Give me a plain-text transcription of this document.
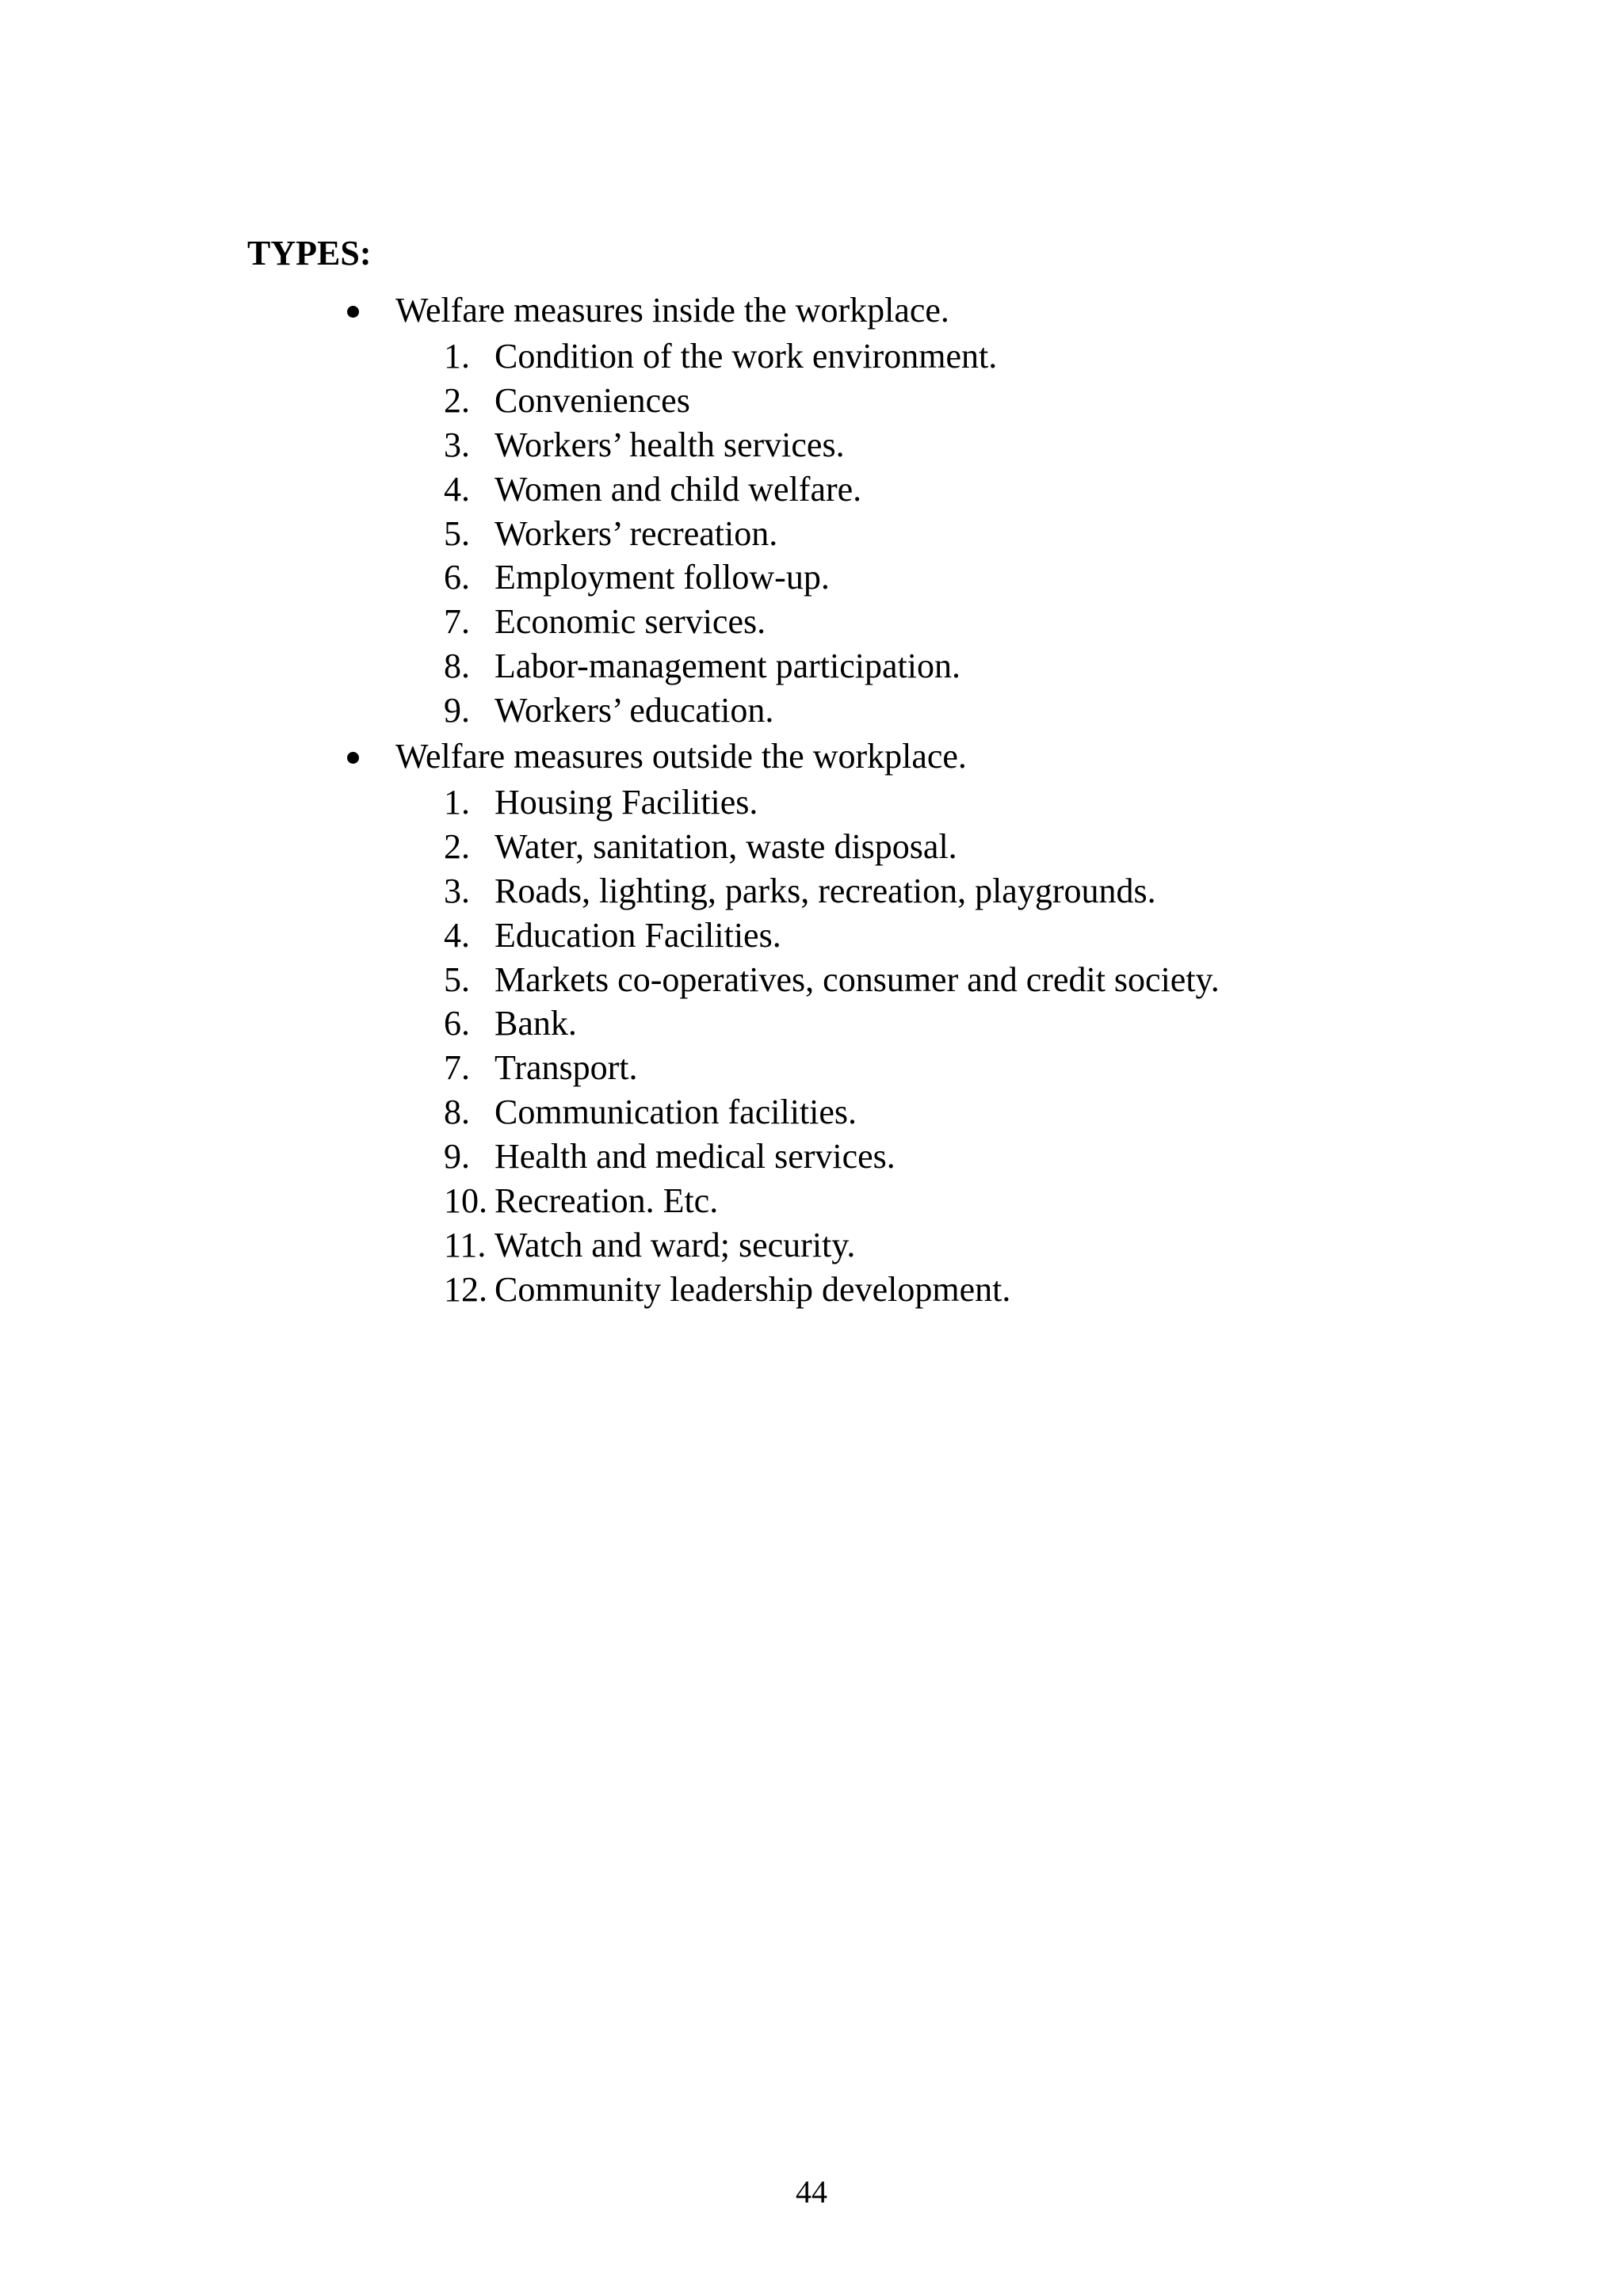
TYPES:
Welfare measures inside the workplace.
1. Condition of the work environment.
2. Conveniences
3. Workers’ health services.
4. Women and child welfare.
5. Workers’ recreation.
6. Employment follow-up.
7. Economic services.
8. Labor-management participation.
9. Workers’ education.
Welfare measures outside the workplace.
1. Housing Facilities.
2. Water, sanitation, waste disposal.
3. Roads, lighting, parks, recreation, playgrounds.
4. Education Facilities.
5. Markets co-operatives, consumer and credit society.
6. Bank.
7. Transport.
8. Communication facilities.
9. Health and medical services.
10. Recreation. Etc.
11. Watch and ward; security.
12. Community leadership development.
44
